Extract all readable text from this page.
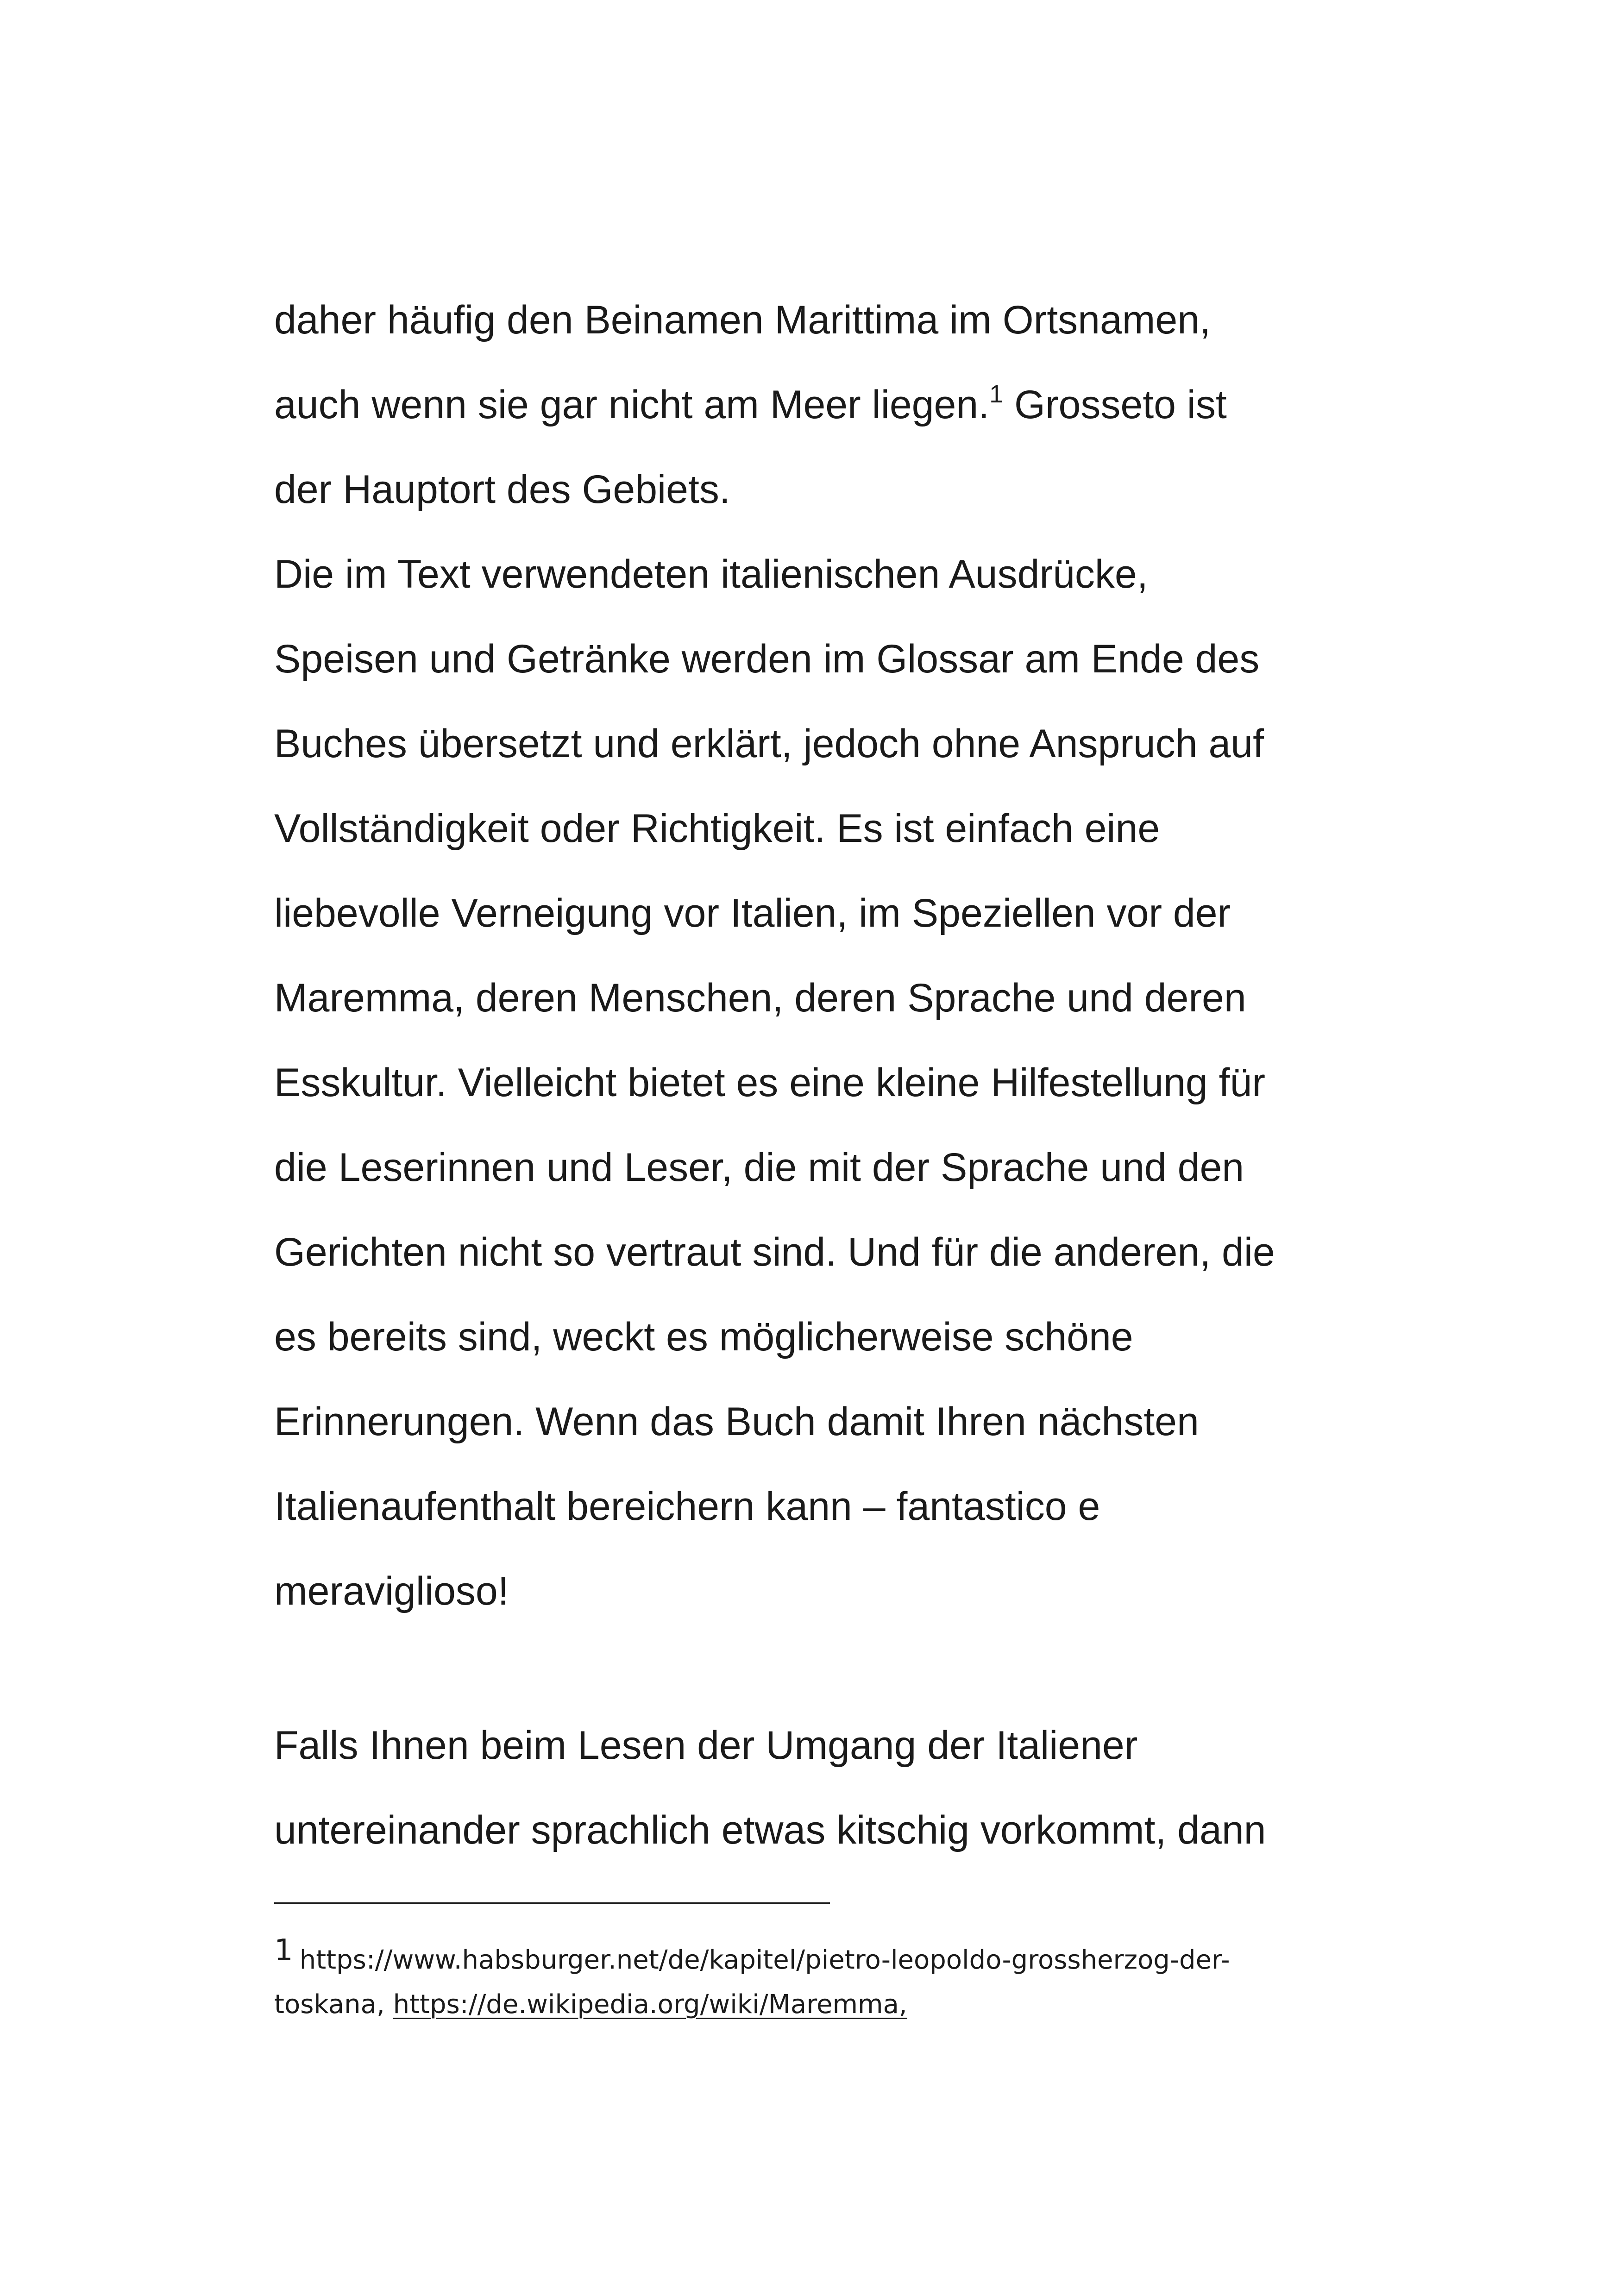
daher häufig den Beinamen Marittima im Ortsnamen,
auch wenn sie gar nicht am Meer liegen.$^1$ Grosseto ist
der Hauptort des Gebiets.
Die im Text verwendeten italienischen Ausdrücke,
Speisen und Getränke werden im Glossar am Ende des
Buches übersetzt und erklärt, jedoch ohne Anspruch auf
Vollständigkeit oder Richtigkeit. Es ist einfach eine
liebevolle Verneigung vor Italien, im Speziellen vor der
Maremma, deren Menschen, deren Sprache und deren
Esskultur. Vielleicht bietet es eine kleine Hilfestellung für
die Leserinnen und Leser, die mit der Sprache und den
Gerichten nicht so vertraut sind. Und für die anderen, die
es bereits sind, weckt es möglicherweise schöne
Erinnerungen. Wenn das Buch damit Ihren nächsten
Italienaufenthalt bereichern kann – fantastico e
meraviglioso!
Falls Ihnen beim Lesen der Umgang der Italiener
untereinander sprachlich etwas kitschig vorkommt, dann
1 https://www.habsburger.net/de/kapitel/pietro-leopoldo-grossherzog-der-
toskana, https://de.wikipedia.org/wiki/Maremma,
